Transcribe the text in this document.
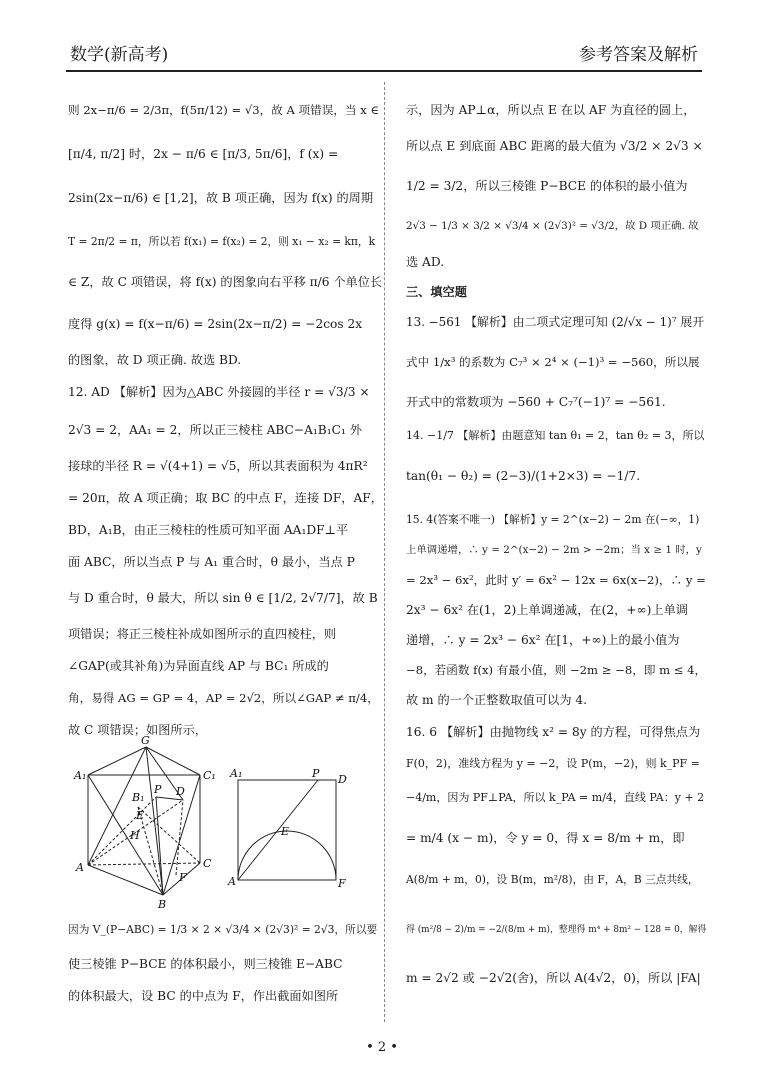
数学(新高考)	参考答案及解析
则 2x−π/6 = 2/3π，f(5π/12) = √3，故 A 项错误，当 x ∈
[π/4, π/2] 时，2x − π/6 ∈ [π/3, 5π/6]，f (x) =
2sin(2x−π/6) ∈ [1,2]，故 B 项正确，因为 f(x) 的周期
T = 2π/2 = π，所以若 f(x₁) = f(x₂) = 2，则 x₁ − x₂ = kπ，k
∈ Z，故 C 项错误，将 f(x) 的图象向右平移 π/6 个单位长
度得 g(x) = f(x−π/6) = 2sin(2x−π/2) = −2cos 2x
的图象，故 D 项正确. 故选 BD.
12. AD 【解析】因为△ABC 外接圆的半径 r = √3/3 ×
2√3 = 2，AA₁ = 2，所以正三棱柱 ABC−A₁B₁C₁ 外
接球的半径 R = √(4+1) = √5，所以其表面积为 4πR²
= 20π，故 A 项正确；取 BC 的中点 F，连接 DF，AF，
BD，A₁B，由正三棱柱的性质可知平面 AA₁DF⊥平
面 ABC，所以当点 P 与 A₁ 重合时，θ 最小，当点 P
与 D 重合时，θ 最大，所以 sin θ ∈ [1/2, 2√7/7]，故 B
项错误；将正三棱柱补成如图所示的直四棱柱，则
∠GAP(或其补角)为异面直线 AP 与 BC₁ 所成的
角，易得 AG = GP = 4，AP = 2√2，所以∠GAP ≠ π/4，
故 C 项错误；如图所示，
因为 V_(P−ABC) = 1/3 × 2 × √3/4 × (2√3)² = 2√3，所以要
使三棱锥 P−BCE 的体积最小，则三棱锥 E−ABC
的体积最大，设 BC 的中点为 F，作出截面如图所
示，因为 AP⊥α，所以点 E 在以 AF 为直径的圆上，
所以点 E 到底面 ABC 距离的最大值为 √3/2 × 2√3 ×
1/2 = 3/2，所以三棱锥 P−BCE 的体积的最小值为
2√3 − 1/3 × 3/2 × √3/4 × (2√3)² = √3/2，故 D 项正确. 故
选 AD.
三、填空题
13. −561 【解析】由二项式定理可知 (2/√x − 1)⁷ 展开
式中 1/x³ 的系数为 C₇³ × 2⁴ × (−1)³ = −560，所以展
开式中的常数项为 −560 + C₇⁷(−1)⁷ = −561.
14. −1/7 【解析】由题意知 tan θ₁ = 2，tan θ₂ = 3，所以
tan(θ₁ − θ₂) = (2−3)/(1+2×3) = −1/7.
15. 4(答案不唯一) 【解析】y = 2^(x−2) − 2m 在(−∞，1)
上单调递增，∴ y = 2^(x−2) − 2m > −2m；当 x ≥ 1 时，y
= 2x³ − 6x²，此时 y′ = 6x² − 12x = 6x(x−2)，∴ y =
2x³ − 6x² 在(1，2)上单调递减，在(2，+∞)上单调
递增，∴ y = 2x³ − 6x² 在[1，+∞)上的最小值为
−8，若函数 f(x) 有最小值，则 −2m ≥ −8，即 m ≤ 4，
故 m 的一个正整数取值可以为 4.
16. 6 【解析】由抛物线 x² = 8y 的方程，可得焦点为
F(0，2)，准线方程为 y = −2，设 P(m，−2)，则 k_PF =
−4/m，因为 PF⊥PA，所以 k_PA = m/4，直线 PA：y + 2
= m/4 (x − m)，令 y = 0，得 x = 8/m + m，即
A(8/m + m，0)，设 B(m，m²/8)，由 F，A，B 三点共线，
得 (m²/8 − 2)/m = −2/(8/m + m)，整理得 m⁴ + 8m² − 128 = 0，解得
m = 2√2 或 −2√2(舍)，所以 A(4√2，0)，所以 |FA|
G
A₁
B₁
C₁
P D
E
H
A	C
F
B
A₁	P D
E
A	F
• 2 •
